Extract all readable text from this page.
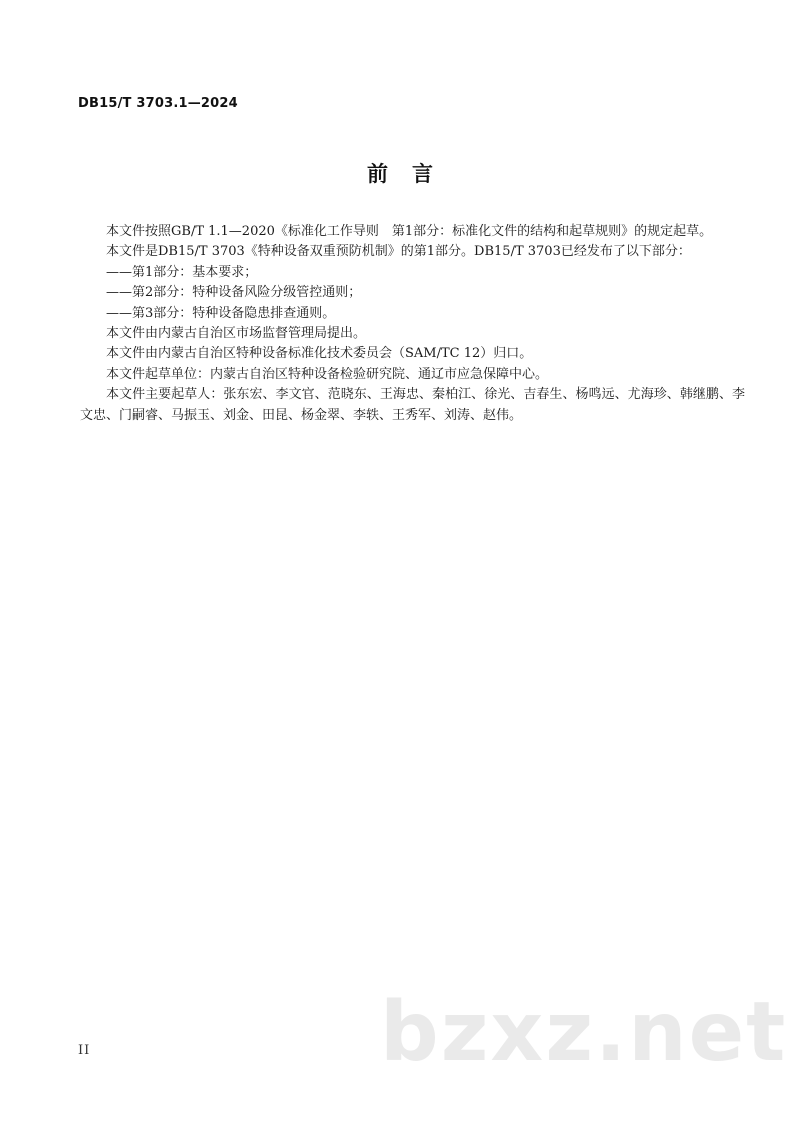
DB15/T 3703.1—2024
前言

本文件按照GB/T 1.1—2020《标准化工作导则　第1部分：标准化文件的结构和起草规则》的规定起草。

本文件是DB15/T 3703《特种设备双重预防机制》的第1部分。DB15/T 3703已经发布了以下部分：

——第1部分：基本要求；

——第2部分：特种设备风险分级管控通则；

——第3部分：特种设备隐患排查通则。

本文件由内蒙古自治区市场监督管理局提出。

本文件由内蒙古自治区特种设备标准化技术委员会（SAM/TC 12）归口。

本文件起草单位：内蒙古自治区特种设备检验研究院、通辽市应急保障中心。

本文件主要起草人：张东宏、李文官、范晓东、王海忠、秦柏江、徐光、吉春生、杨鸣远、尤海珍、韩继鹏、李文忠、门嗣睿、马振玉、刘金、田昆、杨金翠、李轶、王秀军、刘涛、赵伟。

II	bzxz.net
